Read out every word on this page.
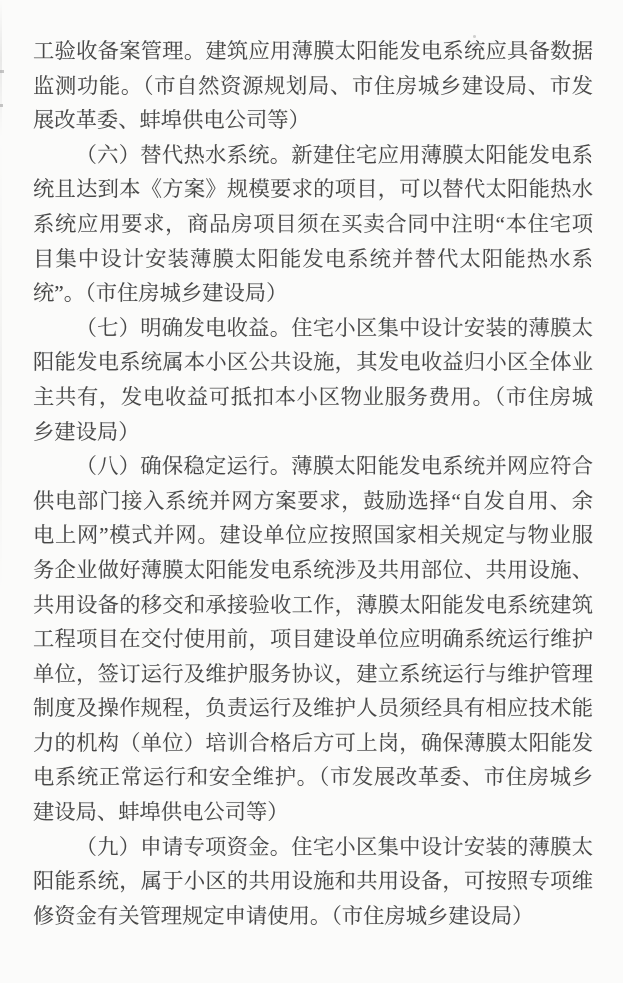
工验收备案管理。建筑应用薄膜太阳能发电系统应具备数据监测功能。（市自然资源规划局、市住房城乡建设局、市发展改革委、蚌埠供电公司等）

（六）替代热水系统。新建住宅应用薄膜太阳能发电系统且达到本《方案》规模要求的项目，可以替代太阳能热水系统应用要求，商品房项目须在买卖合同中注明“本住宅项目集中设计安装薄膜太阳能发电系统并替代太阳能热水系统”。（市住房城乡建设局）

（七）明确发电收益。住宅小区集中设计安装的薄膜太阳能发电系统属本小区公共设施，其发电收益归小区全体业主共有，发电收益可抵扣本小区物业服务费用。（市住房城乡建设局）

（八）确保稳定运行。薄膜太阳能发电系统并网应符合供电部门接入系统并网方案要求，鼓励选择“自发自用、余电上网”模式并网。建设单位应按照国家相关规定与物业服务企业做好薄膜太阳能发电系统涉及共用部位、共用设施、共用设备的移交和承接验收工作，薄膜太阳能发电系统建筑工程项目在交付使用前，项目建设单位应明确系统运行维护单位，签订运行及维护服务协议，建立系统运行与维护管理制度及操作规程，负责运行及维护人员须经具有相应技术能力的机构（单位）培训合格后方可上岗，确保薄膜太阳能发电系统正常运行和安全维护。（市发展改革委、市住房城乡建设局、蚌埠供电公司等）

（九）申请专项资金。住宅小区集中设计安装的薄膜太阳能系统，属于小区的共用设施和共用设备，可按照专项维修资金有关管理规定申请使用。（市住房城乡建设局）
